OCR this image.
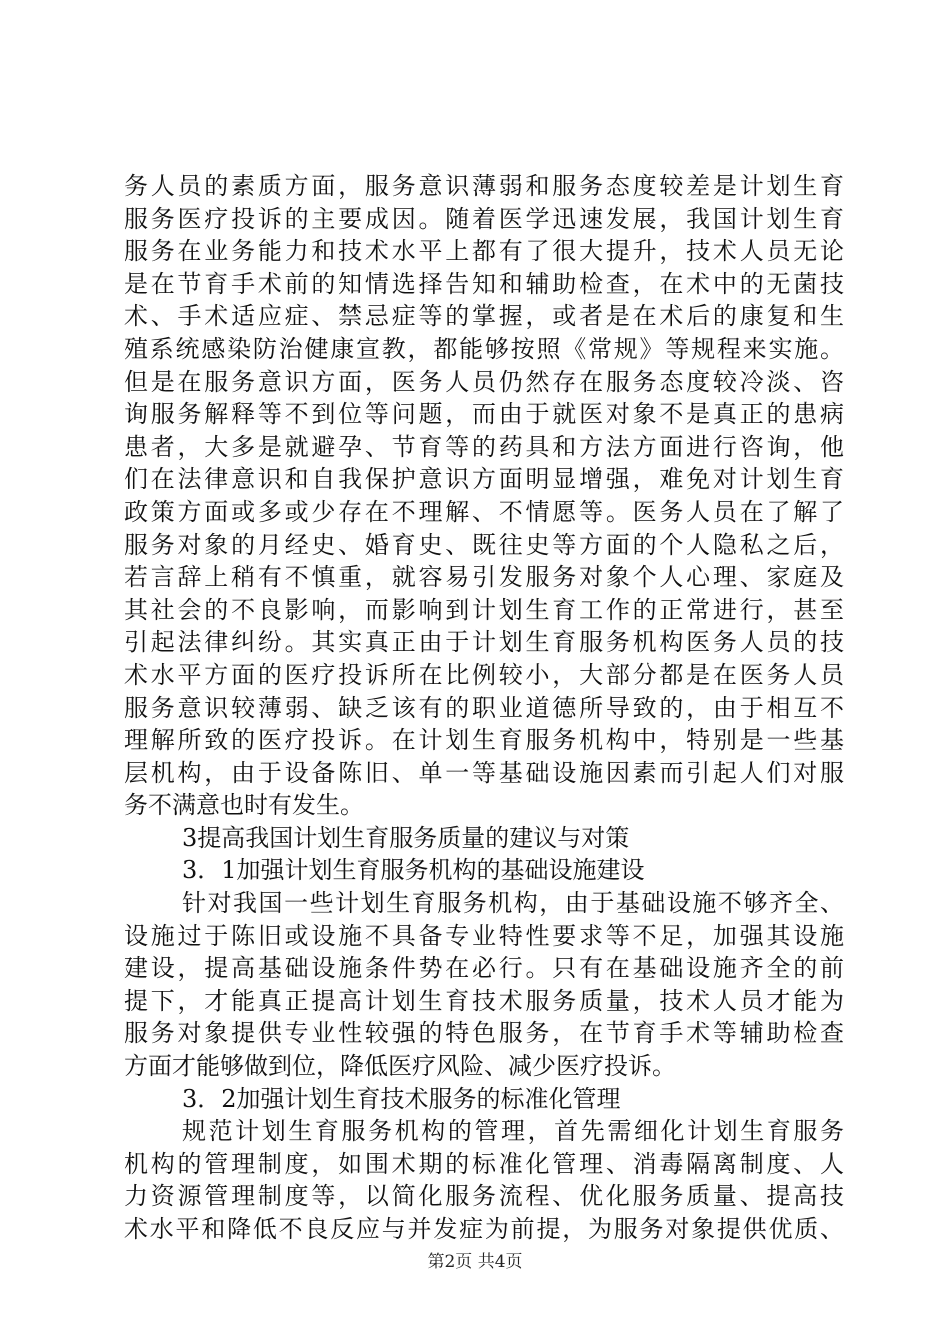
务人员的素质方面，服务意识薄弱和服务态度较差是计划生育
服务医疗投诉的主要成因。随着医学迅速发展，我国计划生育
服务在业务能力和技术水平上都有了很大提升，技术人员无论
是在节育手术前的知情选择告知和辅助检查，在术中的无菌技
术、手术适应症、禁忌症等的掌握，或者是在术后的康复和生
殖系统感染防治健康宣教，都能够按照《常规》等规程来实施。
但是在服务意识方面，医务人员仍然存在服务态度较冷淡、咨
询服务解释等不到位等问题，而由于就医对象不是真正的患病
患者，大多是就避孕、节育等的药具和方法方面进行咨询，他
们在法律意识和自我保护意识方面明显增强，难免对计划生育
政策方面或多或少存在不理解、不情愿等。医务人员在了解了
服务对象的月经史、婚育史、既往史等方面的个人隐私之后，
若言辞上稍有不慎重，就容易引发服务对象个人心理、家庭及
其社会的不良影响，而影响到计划生育工作的正常进行，甚至
引起法律纠纷。其实真正由于计划生育服务机构医务人员的技
术水平方面的医疗投诉所在比例较小，大部分都是在医务人员
服务意识较薄弱、缺乏该有的职业道德所导致的，由于相互不
理解所致的医疗投诉。在计划生育服务机构中，特别是一些基
层机构，由于设备陈旧、单一等基础设施因素而引起人们对服
务不满意也时有发生。
3提高我国计划生育服务质量的建议与对策
3．1加强计划生育服务机构的基础设施建设
针对我国一些计划生育服务机构，由于基础设施不够齐全、
设施过于陈旧或设施不具备专业特性要求等不足，加强其设施
建设，提高基础设施条件势在必行。只有在基础设施齐全的前
提下，才能真正提高计划生育技术服务质量，技术人员才能为
服务对象提供专业性较强的特色服务，在节育手术等辅助检查
方面才能够做到位，降低医疗风险、减少医疗投诉。
3．2加强计划生育技术服务的标准化管理
规范计划生育服务机构的管理，首先需细化计划生育服务
机构的管理制度，如围术期的标准化管理、消毒隔离制度、人
力资源管理制度等，以简化服务流程、优化服务质量、提高技
术水平和降低不良反应与并发症为前提，为服务对象提供优质、
第2页 共4页
